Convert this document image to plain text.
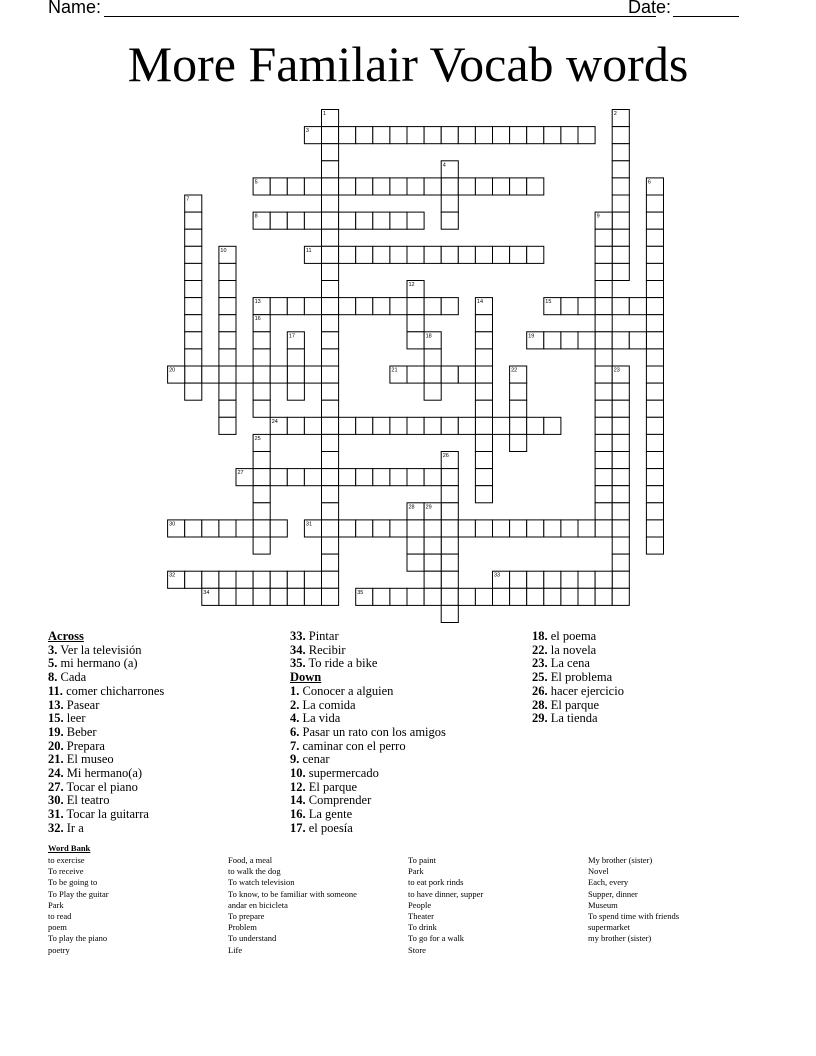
Name:	Date:
More Familair Vocab words
1	2
3
4
5	6
7
8	9
10	11
12
13	14	15
16
17	18	19
20	21	22	23
24
25
26
27
28 29
30	31
32	33
34	35
Across
3. Ver la televisión
5. mi hermano (a)
8. Cada
11. comer chicharrones
13. Pasear
15. leer
19. Beber
20. Prepara
21. El museo
24. Mi hermano(a)
27. Tocar el piano
30. El teatro
31. Tocar la guitarra
32. Ir a
33. Pintar
34. Recibir
35. To ride a bike
Down
1. Conocer a alguien
2. La comida
4. La vida
6. Pasar un rato con los amigos
7. caminar con el perro
9. cenar
10. supermercado
12. El parque
14. Comprender
16. La gente
17. el poesía
18. el poema
22. la novela
23. La cena
25. El problema
26. hacer ejercicio
28. El parque
29. La tienda
Word Bank
to exercise
To receive
To be going to
To Play the guitar
Park
to read
poem
To play the piano
poetry
Food, a meal
to walk the dog
To watch television
To know, to be familiar with someone
andar en bicicleta
To prepare
Problem
To understand
Life
To paint
Park
to eat pork rinds
to have dinner, supper
People
Theater
To drink
To go for a walk
Store
My brother (sister)
Novel
Each, every
Supper, dinner
Museum
To spend time with friends
supermarket
my brother (sister)
